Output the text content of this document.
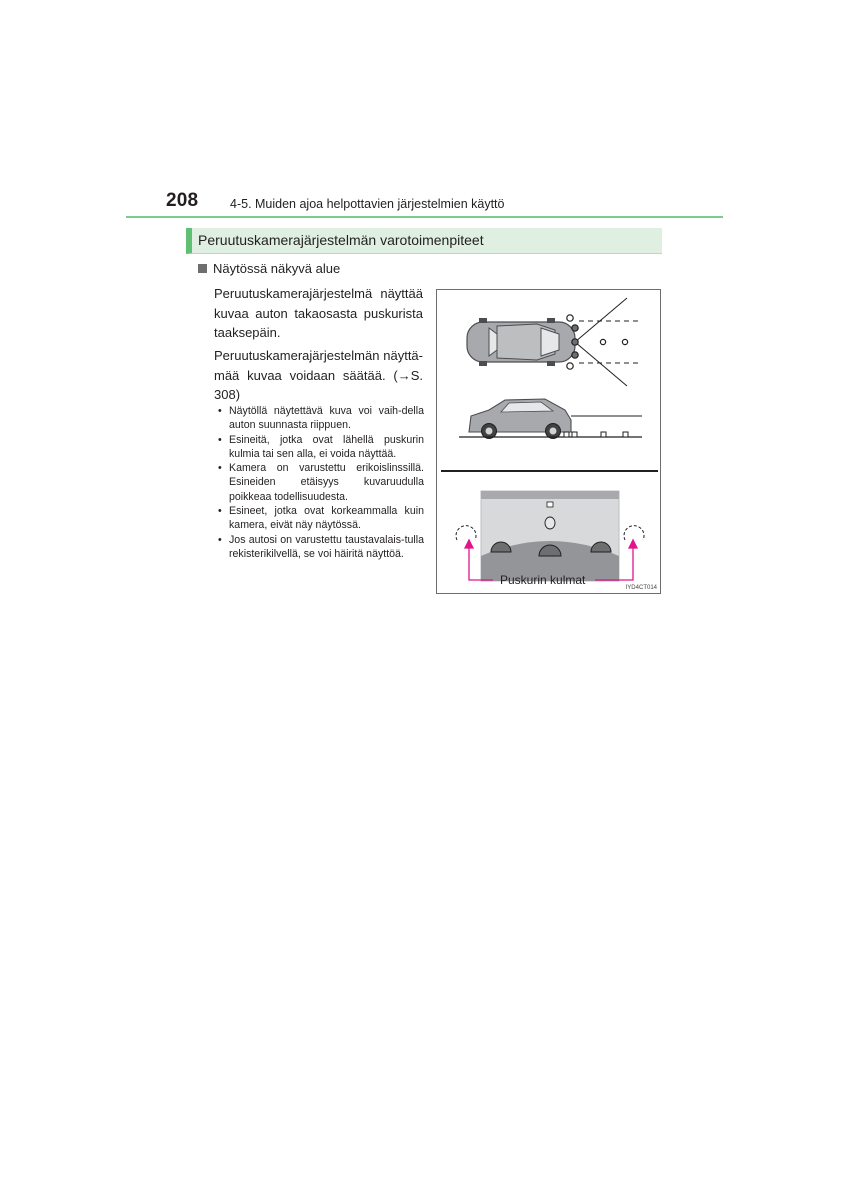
208	4-5. Muiden ajoa helpottavien järjestelmien käyttö
Peruutuskamerajärjestelmän varotoimenpiteet
Näytössä näkyvä alue
Peruutuskamerajärjestelmä näyttää kuvaa auton takaosasta puskurista taaksepäin.
Peruutuskamerajärjestelmän näyttä-mää kuvaa voidaan säätää. (→S. 308)
• Näytöllä näytettävä kuva voi vaih-della auton suunnasta riippuen.
• Esineitä, jotka ovat lähellä puskurin kulmia tai sen alla, ei voida näyttää.
• Kamera on varustettu erikoislinssillä. Esineiden etäisyys kuvaruudulla poikkeaa todellisuudesta.
• Esineet, jotka ovat korkeammalla kuin kamera, eivät näy näytössä.
• Jos autosi on varustettu taustavalais-tulla rekisterikilvellä, se voi häiritä näyttöä.
Puskurin kulmat
IYD4CT014
